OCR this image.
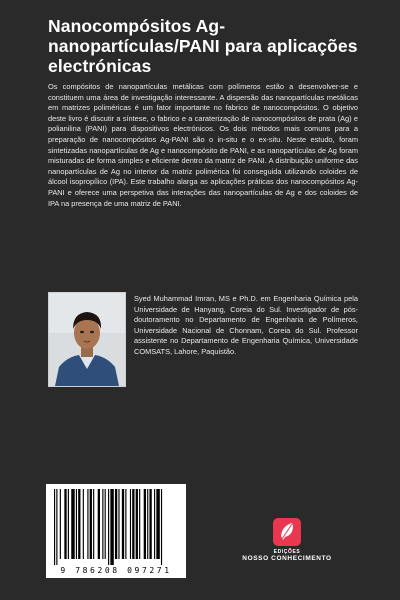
Nanocompósitos Ag-nanopartículas/PANI para aplicações electrónicas

Os compósitos de nanopartículas metálicas com polímeros estão a desenvolver-se e constituem uma área de investigação interessante. A dispersão das nanopartículas metálicas em matrizes poliméricas é um fator importante no fabrico de nanocompósitos. O objetivo deste livro é discutir a síntese, o fabrico e a caraterização de nanocompósitos de prata (Ag) e polianilina (PANI) para dispositivos electrónicos. Os dois métodos mais comuns para a preparação de nanocompósitos Ag-PANI são o in-situ e o ex-situ. Neste estudo, foram sintetizadas nanopartículas de Ag e nanocompósito de PANI, e as nanopartículas de Ag foram misturadas de forma simples e eficiente dentro da matriz de PANI. A distribuição uniforme das nanopartículas de Ag no interior da matriz polimérica foi conseguida utilizando coloides de álcool isopropílico (IPA). Este trabalho alarga as aplicações práticas dos nanocompósitos Ag-PANI e oferece uma perspetiva das interações das nanopartículas de Ag e dos coloides de IPA na presença de uma matriz de PANI.

Syed Muhammad Imran, MS e Ph.D. em Engenharia Química pela Universidade de Hanyang, Coreia do Sul. Investigador de pós-doutoramento no Departamento de Engenharia de Polímeros, Universidade Nacional de Chonnam, Coreia do Sul. Professor assistente no Departamento de Engenharia Química, Universidade COMSATS, Lahore, Paquistão.

9 786208 097271
EDIÇÕES
NOSSO CONHECIMENTO
